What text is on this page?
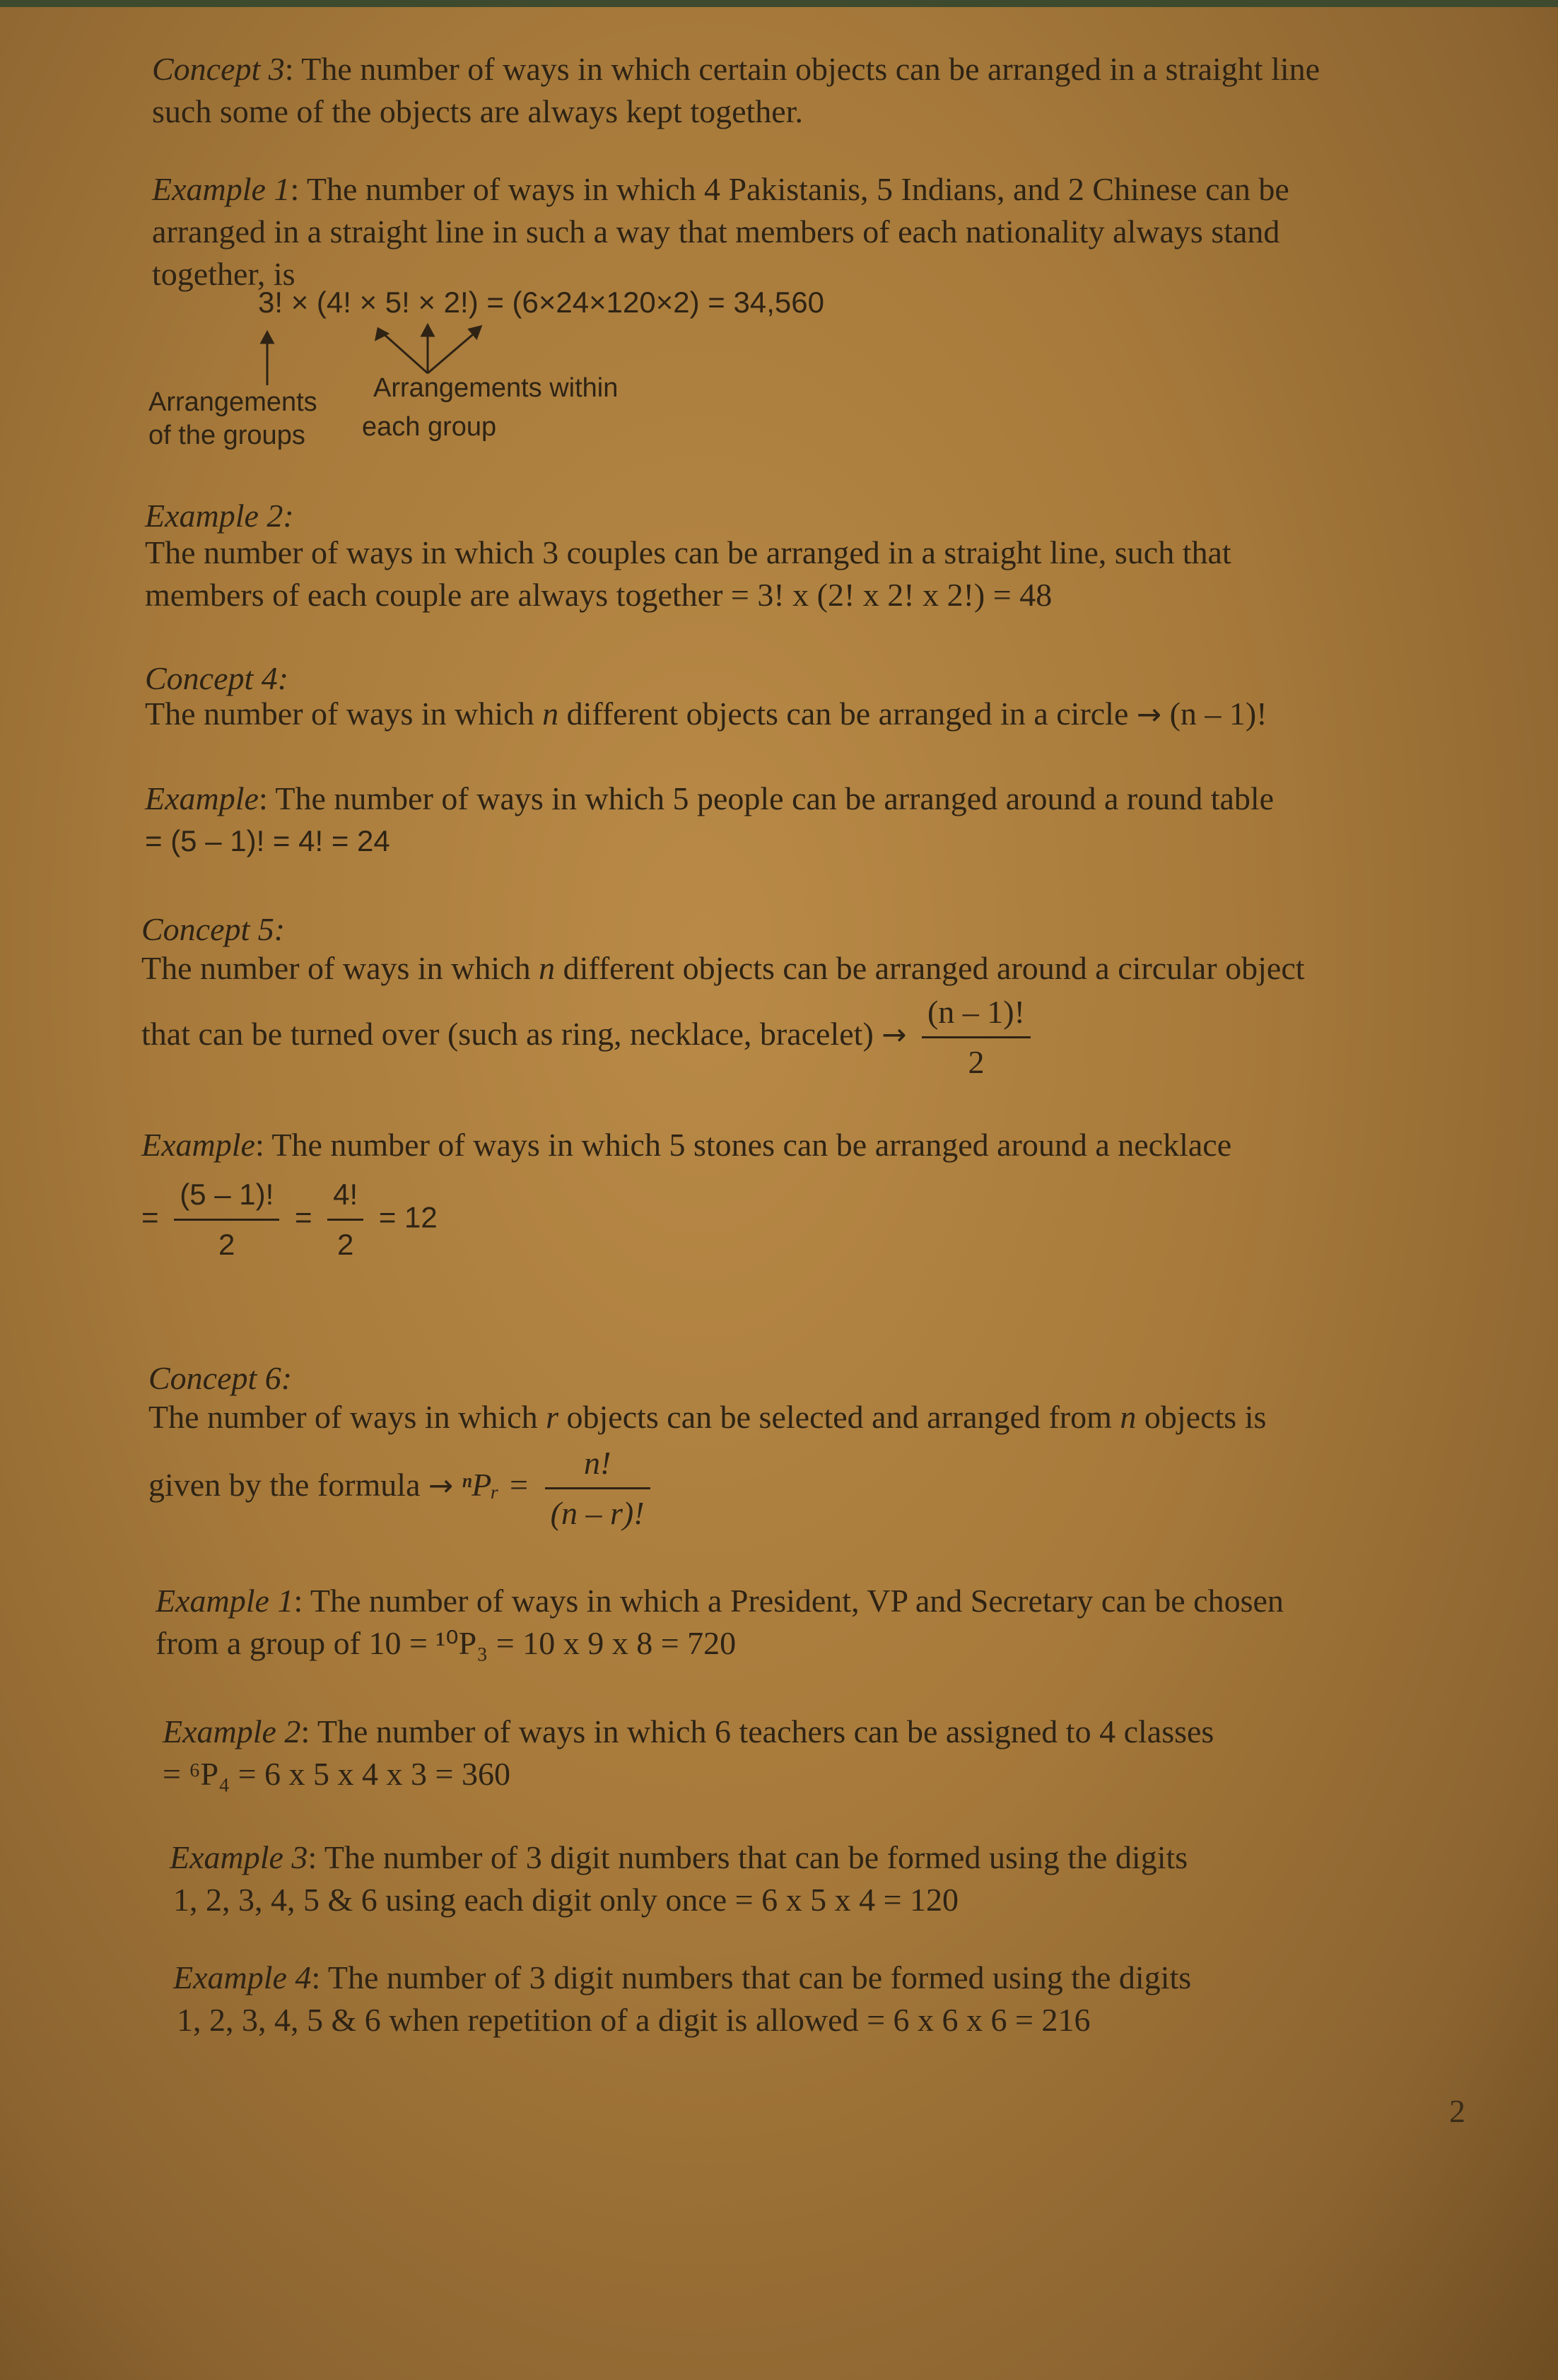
Concept 3: The number of ways in which certain objects can be arranged in a straight line
such some of the objects are always kept together.
Example 1: The number of ways in which 4 Pakistanis, 5 Indians, and 2 Chinese can be
arranged in a straight line in such a way that members of each nationality always stand
together, is
3! × (4! × 5! × 2!) = (6×24×120×2) = 34,560
Arrangements
of the groups
Arrangements within
each group
Example 2:
The number of ways in which 3 couples can be arranged in a straight line, such that
members of each couple are always together = 3! x (2! x 2! x 2!) = 48
Concept 4:
The number of ways in which n different objects can be arranged in a circle → (n – 1)!
Example: The number of ways in which 5 people can be arranged around a round table
= (5 – 1)! = 4! = 24
Concept 5:
The number of ways in which n different objects can be arranged around a circular object
that can be turned over (such as ring, necklace, bracelet) → $\frac{(n - 1)!}{2}$
Example: The number of ways in which 5 stones can be arranged around a necklace
= $\frac{(5 - 1)!}{2} = \frac{4!}{2} = 12$
Concept 6:
The number of ways in which r objects can be selected and arranged from n objects is
given by the formula → ⁿPᵣ = $\frac{n!}{(n - r)!}$
Example 1: The number of ways in which a President, VP and Secretary can be chosen
from a group of 10 = ¹⁰P₃ = 10 x 9 x 8 = 720
Example 2: The number of ways in which 6 teachers can be assigned to 4 classes
= ⁶P₄ = 6 x 5 x 4 x 3 = 360
Example 3: The number of 3 digit numbers that can be formed using the digits
1, 2, 3, 4, 5 & 6 using each digit only once = 6 x 5 x 4 = 120
Example 4: The number of 3 digit numbers that can be formed using the digits
1, 2, 3, 4, 5 & 6 when repetition of a digit is allowed = 6 x 6 x 6 = 216
2
